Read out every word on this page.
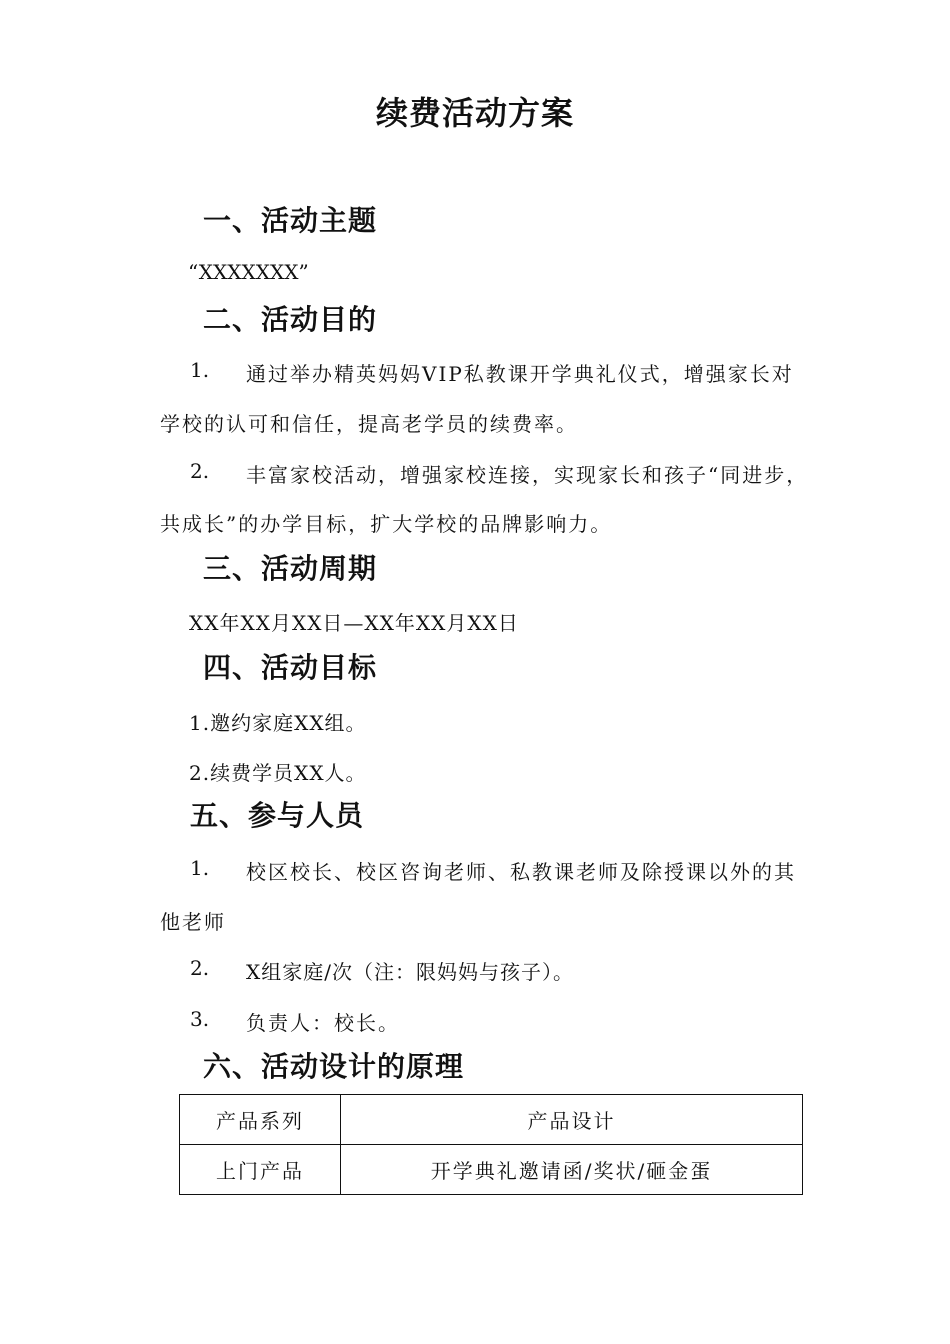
续费活动方案
一、活动主题
“XXXXXXX”
二、活动目的
1. 通过举办精英妈妈VIP私教课开学典礼仪式，增强家长对
学校的认可和信任，提高老学员的续费率。
2. 丰富家校活动，增强家校连接，实现家长和孩子“同进步，
共成长”的办学目标，扩大学校的品牌影响力。
三、活动周期
XX年XX月XX日—XX年XX月XX日
四、活动目标
1.邀约家庭XX组。
2.续费学员XX人。
五、参与人员
1. 校区校长、校区咨询老师、私教课老师及除授课以外的其
他老师
2. X组家庭/次（注：限妈妈与孩子）。
3. 负责人：校长。
六、活动设计的原理
产品系列	产品设计
上门产品	开学典礼邀请函/奖状/砸金蛋
